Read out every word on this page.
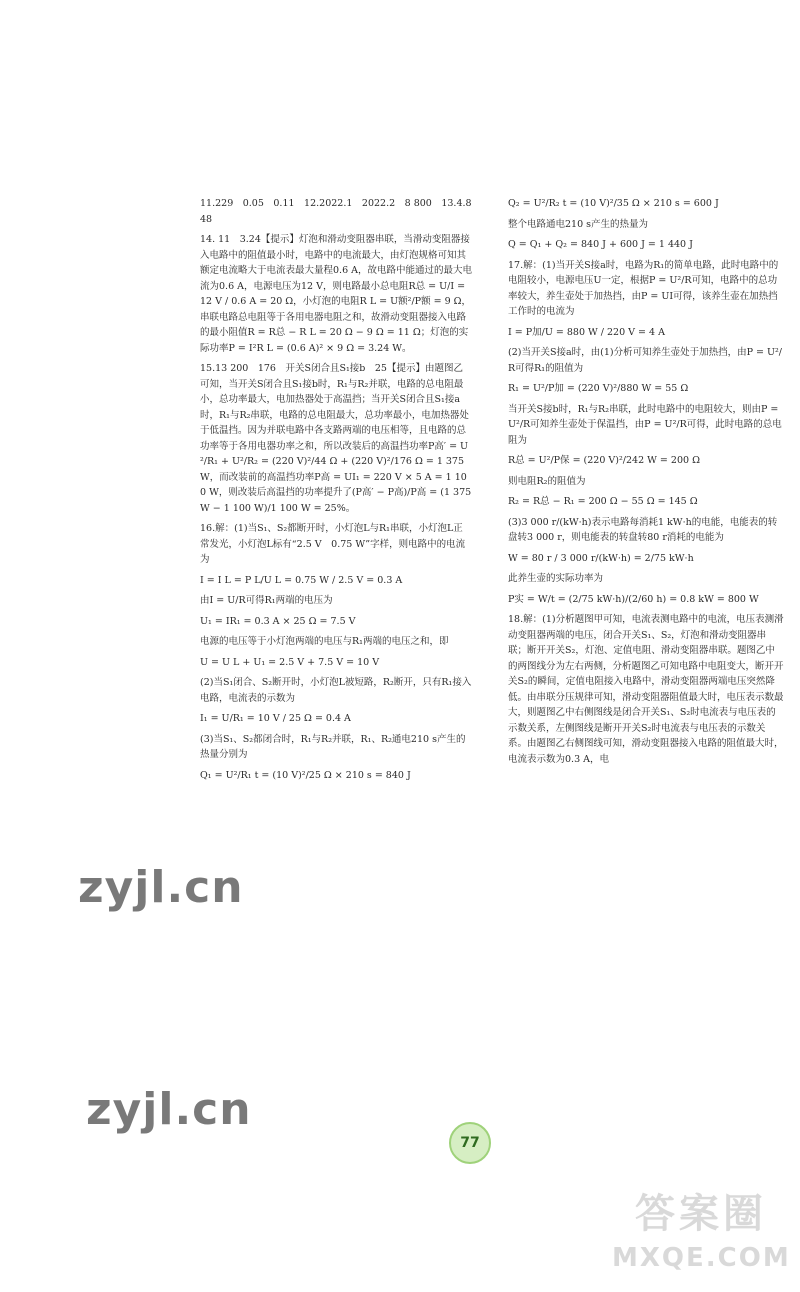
11.229　0.05　0.11　12.2022.1　2022.2　8 800　13.4.8　48

14. 11　3.24【提示】灯泡和滑动变阻器串联，当滑动变阻器接入电路中的阻值最小时，电路中的电流最大，由灯泡规格可知其额定电流略大于电流表最大量程0.6 A，故电路中能通过的最大电流为0.6 A，电源电压为12 V，则电路最小总电阻R总 = U/I = 12 V / 0.6 A = 20 Ω，小灯泡的电阻R L = U额²/P额 = 9 Ω，串联电路总电阻等于各用电器电阻之和，故滑动变阻器接入电路的最小阻值R = R总 − R L = 20 Ω − 9 Ω = 11 Ω；灯泡的实际功率P = I²R L = (0.6 A)² × 9 Ω = 3.24 W。

15.13 200　176　开关S闭合且S₁接b　25【提示】由题图乙可知，当开关S闭合且S₁接b时，R₁与R₂并联，电路的总电阻最小，总功率最大，电加热器处于高温挡；当开关S闭合且S₁接a时，R₁与R₂串联，电路的总电阻最大，总功率最小，电加热器处于低温挡。因为并联电路中各支路两端的电压相等，且电路的总功率等于各用电器功率之和，所以改装后的高温挡功率P高′ = U²/R₁ + U²/R₂ = (220 V)²/44 Ω + (220 V)²/176 Ω = 1 375 W，而改装前的高温挡功率P高 = UI₁ = 220 V × 5 A = 1 100 W，则改装后高温挡的功率提升了(P高′ − P高)/P高 = (1 375 W − 1 100 W)/1 100 W = 25%。

16.解：(1)当S₁、S₂都断开时，小灯泡L与R₁串联，小灯泡L正常发光，小灯泡L标有“2.5 V　0.75 W”字样，则电路中的电流为

I = I L = P L/U L = 0.75 W / 2.5 V = 0.3 A

由I = U/R可得R₁两端的电压为

U₁ = IR₁ = 0.3 A × 25 Ω = 7.5 V

电源的电压等于小灯泡两端的电压与R₁两端的电压之和，即

U = U L + U₁ = 2.5 V + 7.5 V = 10 V

(2)当S₁闭合、S₂断开时，小灯泡L被短路，R₂断开，只有R₁接入电路，电流表的示数为

I₁ = U/R₁ = 10 V / 25 Ω = 0.4 A

(3)当S₁、S₂都闭合时，R₁与R₂并联，R₁、R₂通电210 s产生的热量分别为

Q₁ = U²/R₁ t = (10 V)²/25 Ω × 210 s = 840 J

Q₂ = U²/R₂ t = (10 V)²/35 Ω × 210 s = 600 J

整个电路通电210 s产生的热量为

Q = Q₁ + Q₂ = 840 J + 600 J = 1 440 J

17.解：(1)当开关S接a时，电路为R₁的简单电路，此时电路中的电阻较小，电源电压U一定，根据P = U²/R可知，电路中的总功率较大，养生壶处于加热挡，由P = UI可得，该养生壶在加热挡工作时的电流为

I = P加/U = 880 W / 220 V = 4 A

(2)当开关S接a时，由(1)分析可知养生壶处于加热挡，由P = U²/R可得R₁的阻值为

R₁ = U²/P加 = (220 V)²/880 W = 55 Ω

当开关S接b时，R₁与R₂串联，此时电路中的电阻较大，则由P = U²/R可知养生壶处于保温挡，由P = U²/R可得，此时电路的总电阻为

R总 = U²/P保 = (220 V)²/242 W = 200 Ω

则电阻R₂的阻值为

R₂ = R总 − R₁ = 200 Ω − 55 Ω = 145 Ω

(3)3 000 r/(kW·h)表示电路每消耗1 kW·h的电能，电能表的转盘转3 000 r，则电能表的转盘转80 r消耗的电能为

W = 80 r / 3 000 r/(kW·h) = 2/75 kW·h

此养生壶的实际功率为

P实 = W/t = (2/75 kW·h)/(2/60 h) = 0.8 kW = 800 W

18.解：(1)分析题图甲可知，电流表测电路中的电流，电压表测滑动变阻器两端的电压，闭合开关S₁、S₂，灯泡和滑动变阻器串联；断开开关S₂，灯泡、定值电阻、滑动变阻器串联。题图乙中的两图线分为左右两侧，分析题图乙可知电路中电阻变大，断开开关S₂的瞬间，定值电阻接入电路中，滑动变阻器两端电压突然降低。由串联分压规律可知，滑动变阻器阻值最大时，电压表示数最大，则题图乙中右侧图线是闭合开关S₁、S₂时电流表与电压表的示数关系，左侧图线是断开开关S₂时电流表与电压表的示数关系。由题图乙右侧图线可知，滑动变阻器接入电路的阻值最大时，电流表示数为0.3 A，电

zyjl.cn
zyjl.cn
77
答案圈
MXQE.COM
